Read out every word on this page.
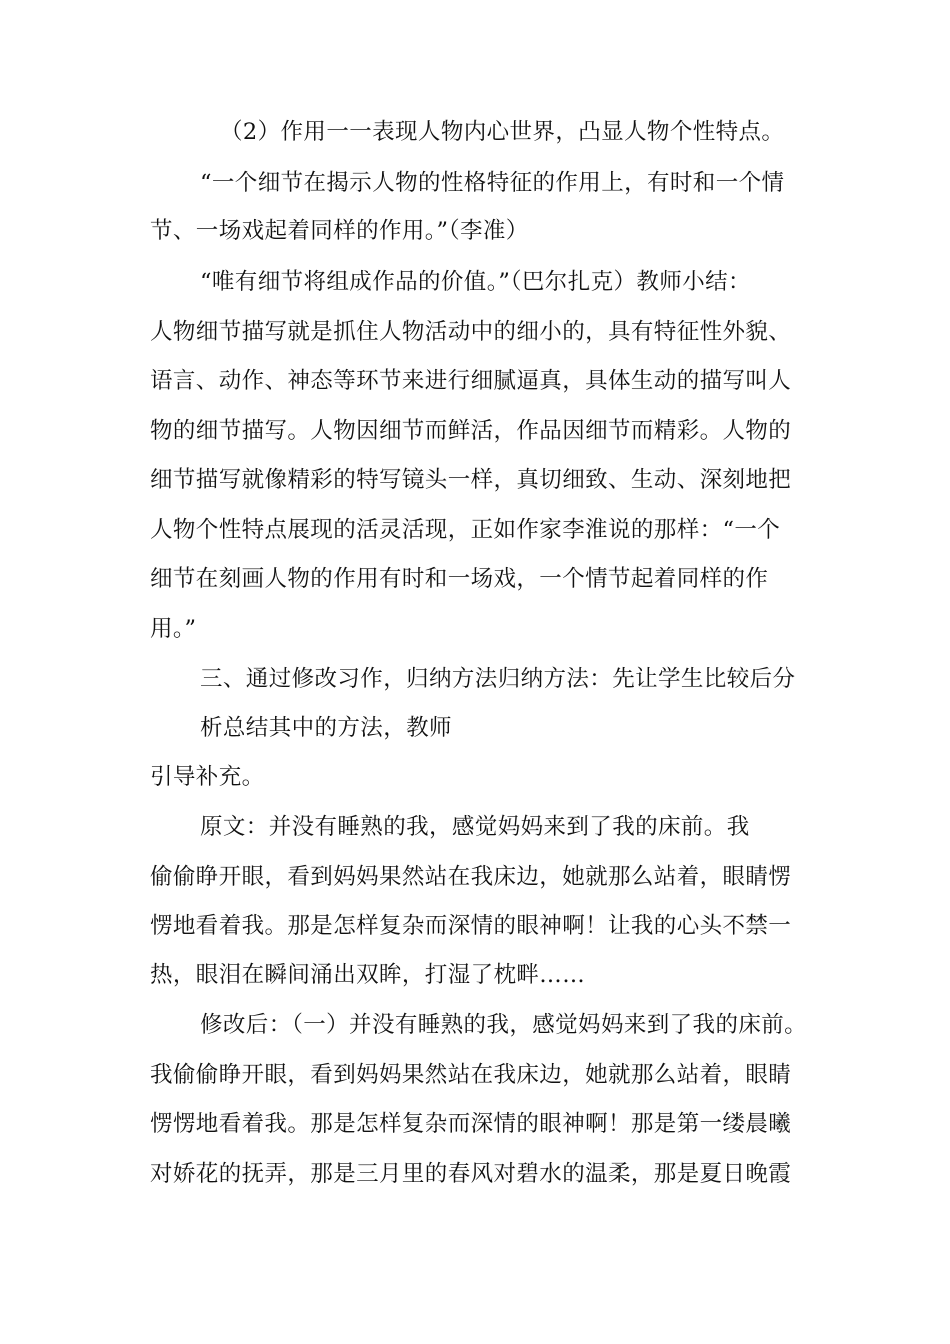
（2）作用一一表现人物内心世界，凸显人物个性特点。
“一个细节在揭示人物的性格特征的作用上，有时和一个情
节、一场戏起着同样的作用。”（李准）
“唯有细节将组成作品的价值。”（巴尔扎克）教师小结：
人物细节描写就是抓住人物活动中的细小的，具有特征性外貌、
语言、动作、神态等环节来进行细腻逼真，具体生动的描写叫人
物的细节描写。人物因细节而鲜活，作品因细节而精彩。人物的
细节描写就像精彩的特写镜头一样，真切细致、生动、深刻地把
人物个性特点展现的活灵活现，正如作家李淮说的那样：“一个
细节在刻画人物的作用有时和一场戏，一个情节起着同样的作
用。”
三、通过修改习作，归纳方法归纳方法：先让学生比较后分
析总结其中的方法，教师
引导补充。
原文：并没有睡熟的我，感觉妈妈来到了我的床前。我
偷偷睁开眼，看到妈妈果然站在我床边，她就那么站着，眼睛愣
愣地看着我。那是怎样复杂而深情的眼神啊！让我的心头不禁一
热，眼泪在瞬间涌出双眸，打湿了枕畔……
修改后：（一）并没有睡熟的我，感觉妈妈来到了我的床前。
我偷偷睁开眼，看到妈妈果然站在我床边，她就那么站着，眼睛
愣愣地看着我。那是怎样复杂而深情的眼神啊！那是第一缕晨曦
对娇花的抚弄，那是三月里的春风对碧水的温柔，那是夏日晚霞
